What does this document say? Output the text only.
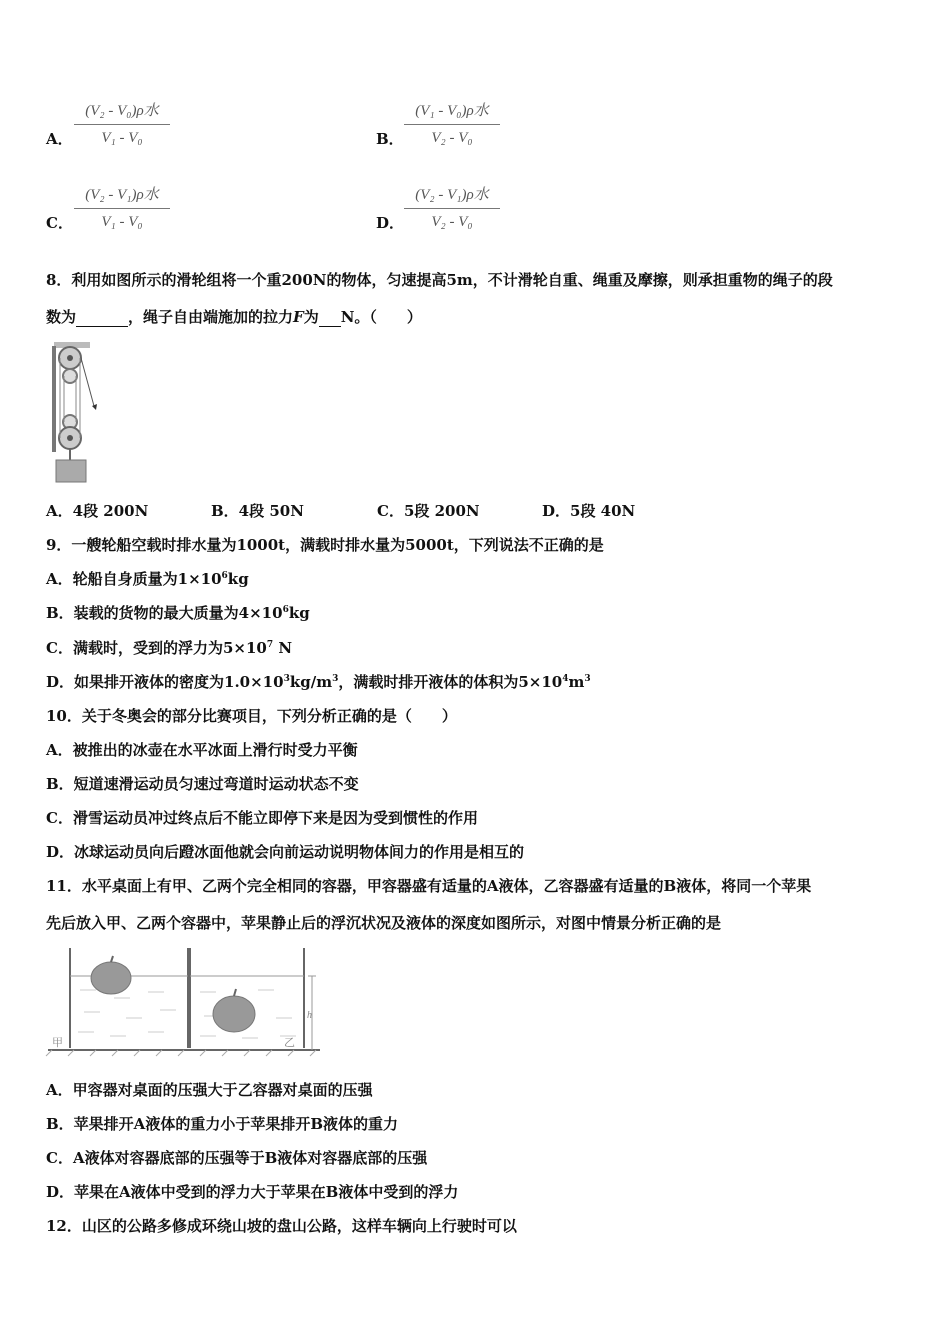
A．
(V₂ - V₀)ρ水
V₁ - V₀	B．
(V₁ - V₀)ρ水
V₂ - V₀
C．
(V₂ - V₁)ρ水
V₁ - V₀	D．
(V₂ - V₁)ρ水
V₂ - V₀
8．利用如图所示的滑轮组将一个重200N的物体，匀速提高5m，不计滑轮自重、绳重及摩擦，则承担重物的绳子的段
数为	，绳子自由端施加的拉力F为 N。（　　）
A．4段 200N	B．4段 50N	C．5段 200N	D．5段 40N
9．一艘轮船空载时排水量为1000t，满载时排水量为5000t，下列说法不正确的是
A．轮船自身质量为$1\times 10^6kg$
B．装载的货物的最大质量为$4\times 10^6kg$
C．满载时，受到的浮力为$5\times 10^7$ N
D．如果排开液体的密度为$1.0\times 10^3kg/m^3$，满载时排开液体的体积为$5\times 10^4m^3$
10．关于冬奥会的部分比赛项目，下列分析正确的是（　　）
A．被推出的冰壶在水平冰面上滑行时受力平衡
B．短道速滑运动员匀速过弯道时运动状态不变
C．滑雪运动员冲过终点后不能立即停下来是因为受到惯性的作用
D．冰球运动员向后蹬冰面他就会向前运动说明物体间力的作用是相互的
11．水平桌面上有甲、乙两个完全相同的容器，甲容器盛有适量的A液体，乙容器盛有适量的B液体，将同一个苹果
先后放入甲、乙两个容器中，苹果静止后的浮沉状况及液体的深度如图所示，对图中情景分析正确的是
h
甲	乙
A．甲容器对桌面的压强大于乙容器对桌面的压强
B．苹果排开A液体的重力小于苹果排开B液体的重力
C．A液体对容器底部的压强等于B液体对容器底部的压强
D．苹果在A液体中受到的浮力大于苹果在B液体中受到的浮力
12．山区的公路多修成环绕山坡的盘山公路，这样车辆向上行驶时可以
